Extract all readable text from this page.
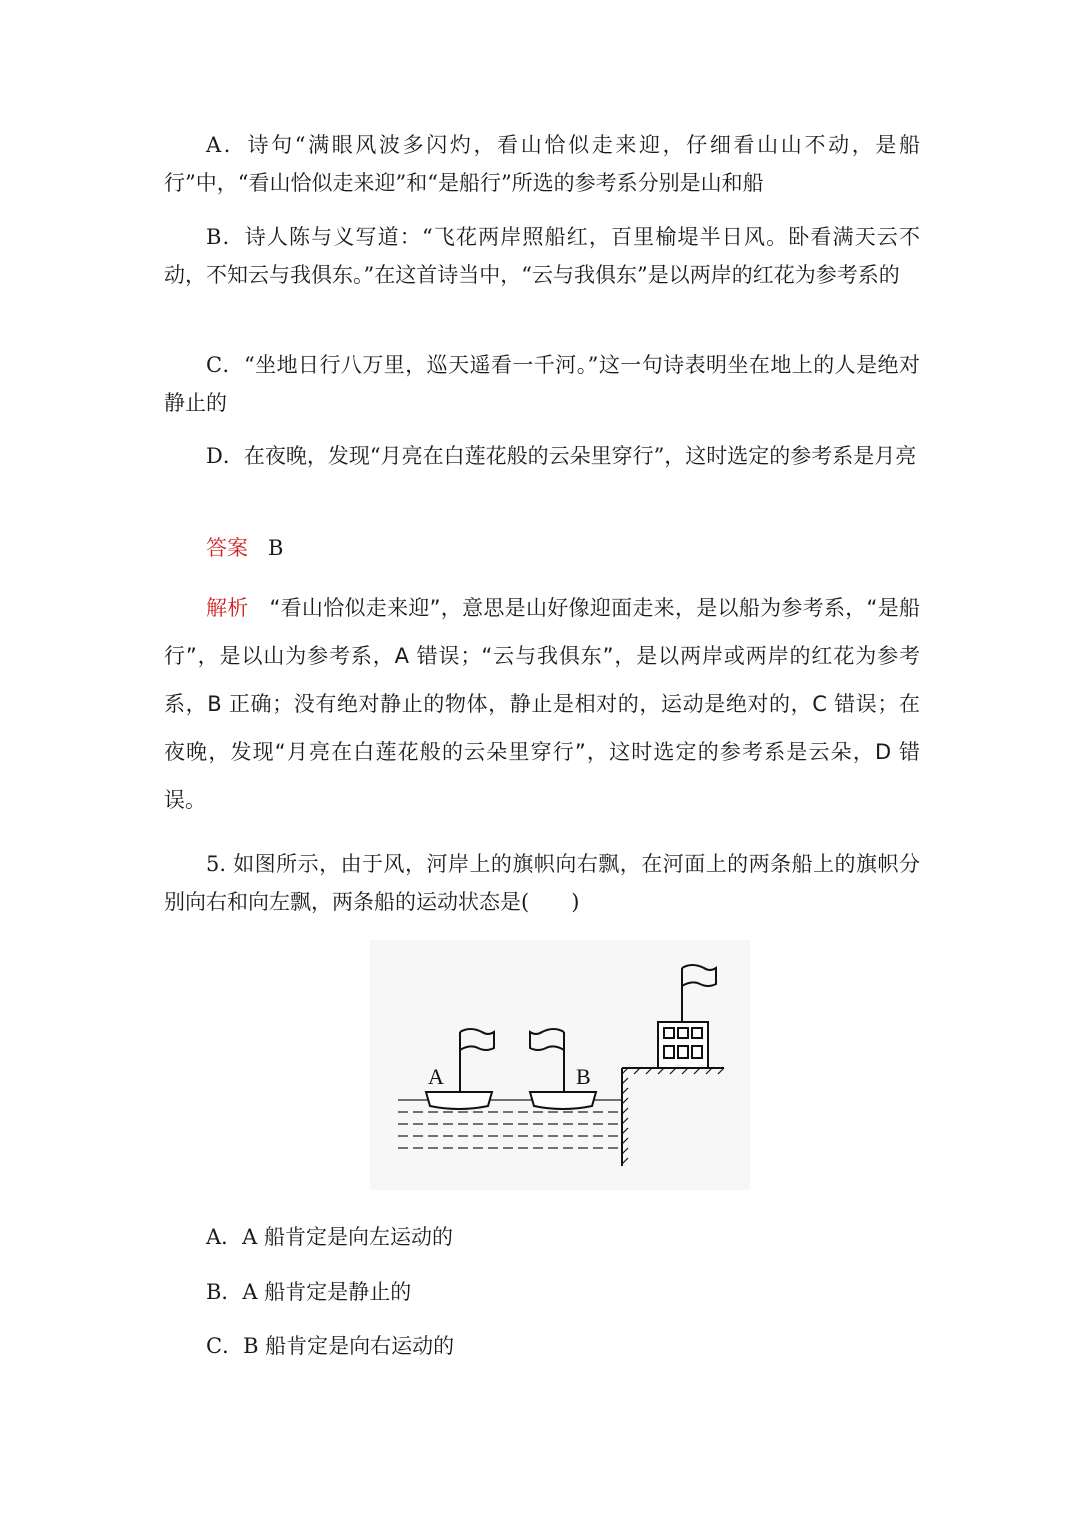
A．诗句“满眼风波多闪灼，看山恰似走来迎，仔细看山山不动，是船行”中，“看山恰似走来迎”和“是船行”所选的参考系分别是山和船

B．诗人陈与义写道：“飞花两岸照船红，百里榆堤半日风。卧看满天云不动，不知云与我俱东。”在这首诗当中，“云与我俱东”是以两岸的红花为参考系的

C．“坐地日行八万里，巡天遥看一千河。”这一句诗表明坐在地上的人是绝对静止的

D．在夜晚，发现“月亮在白莲花般的云朵里穿行”，这时选定的参考系是月亮

答案 B

解析 “看山恰似走来迎”，意思是山好像迎面走来，是以船为参考系，“是船行”，是以山为参考系，A 错误；“云与我俱东”，是以两岸或两岸的红花为参考系，B 正确；没有绝对静止的物体，静止是相对的，运动是绝对的，C 错误；在夜晚，发现“月亮在白莲花般的云朵里穿行”，这时选定的参考系是云朵，D 错误。

5. 如图所示，由于风，河岸上的旗帜向右飘，在河面上的两条船上的旗帜分别向右和向左飘，两条船的运动状态是(　　)

A	B

A．A 船肯定是向左运动的

B．A 船肯定是静止的

C．B 船肯定是向右运动的
